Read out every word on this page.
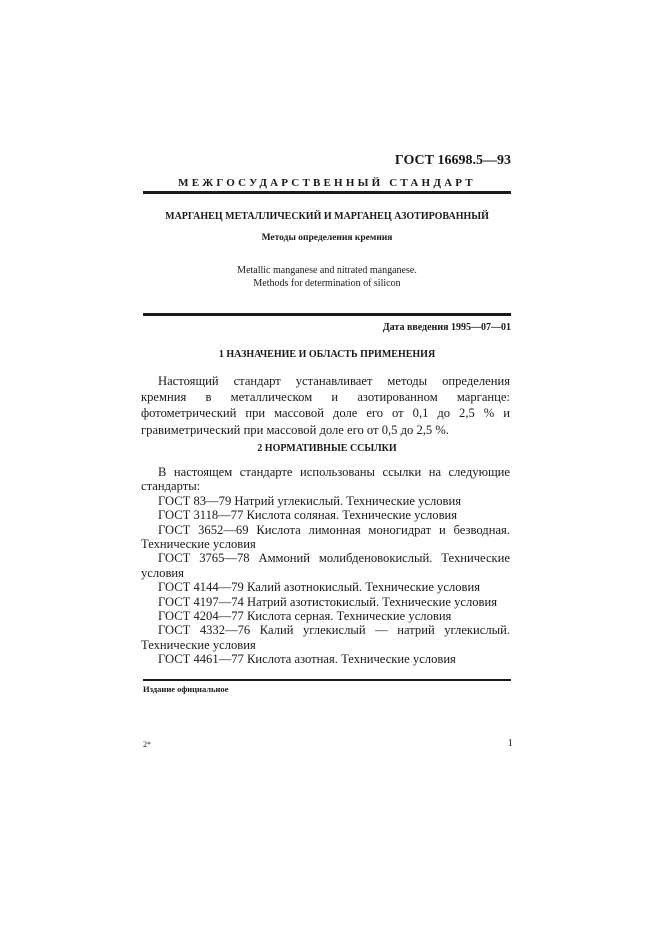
ГОСТ 16698.5—93
МЕЖГОСУДАРСТВЕННЫЙ СТАНДАРТ
МАРГАНЕЦ МЕТАЛЛИЧЕСКИЙ И МАРГАНЕЦ АЗОТИРОВАННЫЙ
Методы определения кремния
Metallic manganese and nitrated manganese.
Methods for determination of silicon
Дата введения 1995—07—01
1 НАЗНАЧЕНИЕ И ОБЛАСТЬ ПРИМЕНЕНИЯ

Настоящий стандарт устанавливает методы определения кремния в металлическом и азотированном марганце: фотометрический при массовой доле его от 0,1 до 2,5 % и гравиметрический при массовой доле его от 0,5 до 2,5 %.

2 НОРМАТИВНЫЕ ССЫЛКИ

В настоящем стандарте использованы ссылки на следующие стандарты:

ГОСТ 83—79 Натрий углекислый. Технические условия

ГОСТ 3118—77 Кислота соляная. Технические условия

ГОСТ 3652—69 Кислота лимонная моногидрат и безводная. Технические условия

ГОСТ 3765—78 Аммоний молибденовокислый. Технические условия

ГОСТ 4144—79 Калий азотнокислый. Технические условия

ГОСТ 4197—74 Натрий азотистокислый. Технические условия

ГОСТ 4204—77 Кислота серная. Технические условия

ГОСТ 4332—76 Калий углекислый — натрий углекислый. Технические условия

ГОСТ 4461—77 Кислота азотная. Технические условия

Издание официальное
2*	1
